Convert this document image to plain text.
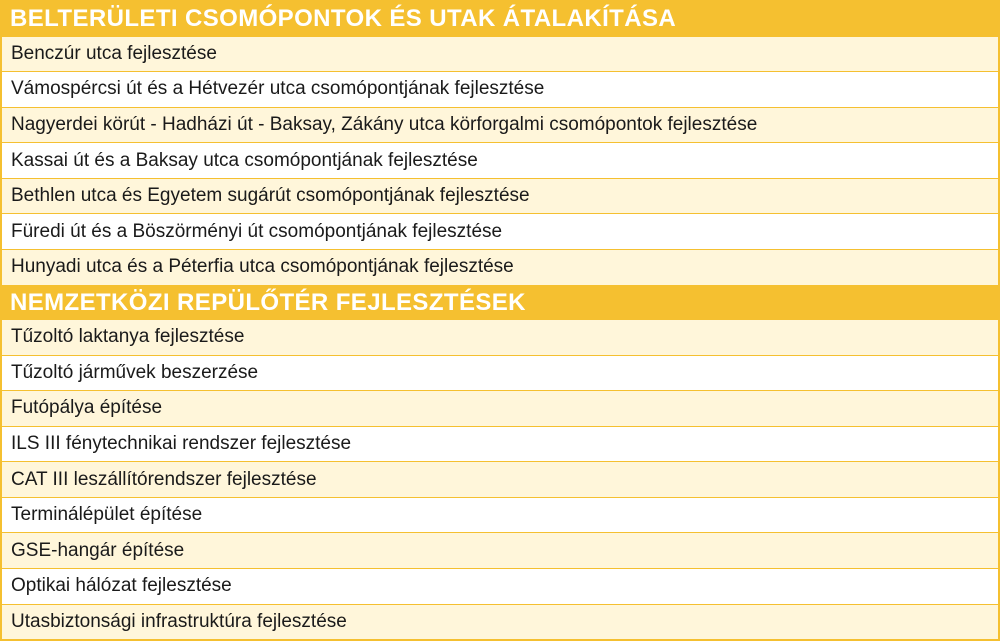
BELTERÜLETI CSOMÓPONTOK ÉS UTAK ÁTALAKÍTÁSA
Benczúr utca fejlesztése
Vámospércsi út és a Hétvezér utca csomópontjának fejlesztése
Nagyerdei körút - Hadházi út - Baksay, Zákány utca körforgalmi csomópontok fejlesztése
Kassai út és a Baksay utca csomópontjának fejlesztése
Bethlen utca és Egyetem sugárút csomópontjának fejlesztése
Füredi út és a Böszörményi út csomópontjának fejlesztése
Hunyadi utca és a Péterfia utca csomópontjának fejlesztése
NEMZETKÖZI REPÜLŐTÉR FEJLESZTÉSEK
Tűzoltó laktanya fejlesztése
Tűzoltó járművek beszerzése
Futópálya építése
ILS III fénytechnikai rendszer fejlesztése
CAT III leszállítórendszer fejlesztése
Terminálépület építése
GSE-hangár építése
Optikai hálózat fejlesztése
Utasbiztonsági infrastruktúra fejlesztése
